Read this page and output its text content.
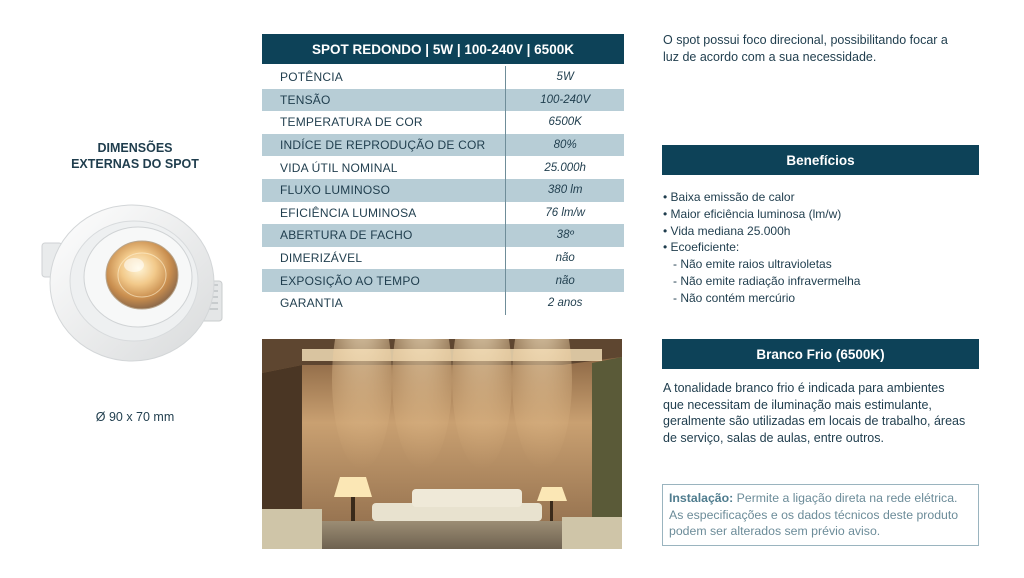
DIMENSÕES
EXTERNAS DO SPOT
Ø 90 x 70 mm
SPOT REDONDO | 5W | 100-240V | 6500K
POTÊNCIA	5W
TENSÃO	100-240V
TEMPERATURA DE COR	6500K
INDÍCE DE REPRODUÇÃO DE COR	80%
VIDA ÚTIL NOMINAL	25.000h
FLUXO LUMINOSO	380 lm
EFICIÊNCIA LUMINOSA	76 lm/w
ABERTURA DE FACHO	38º
DIMERIZÁVEL	não
EXPOSIÇÃO AO TEMPO	não
GARANTIA	2 anos
O spot possui foco direcional, possibilitando focar a
luz de acordo com a sua necessidade.
Benefícios
• Baixa emissão de calor
• Maior eficiência luminosa (lm/w)
• Vida mediana 25.000h
• Ecoeficiente:
- Não emite raios ultravioletas
- Não emite radiação infravermelha
- Não contém mercúrio
Branco Frio (6500K)
A tonalidade branco frio é indicada para ambientes
que necessitam de iluminação mais estimulante,
geralmente são utilizadas em locais de trabalho, áreas
de serviço, salas de aulas, entre outros.
Instalação: Permite a ligação direta na rede elétrica.
As especificações e os dados técnicos deste produto
podem ser alterados sem prévio aviso.
